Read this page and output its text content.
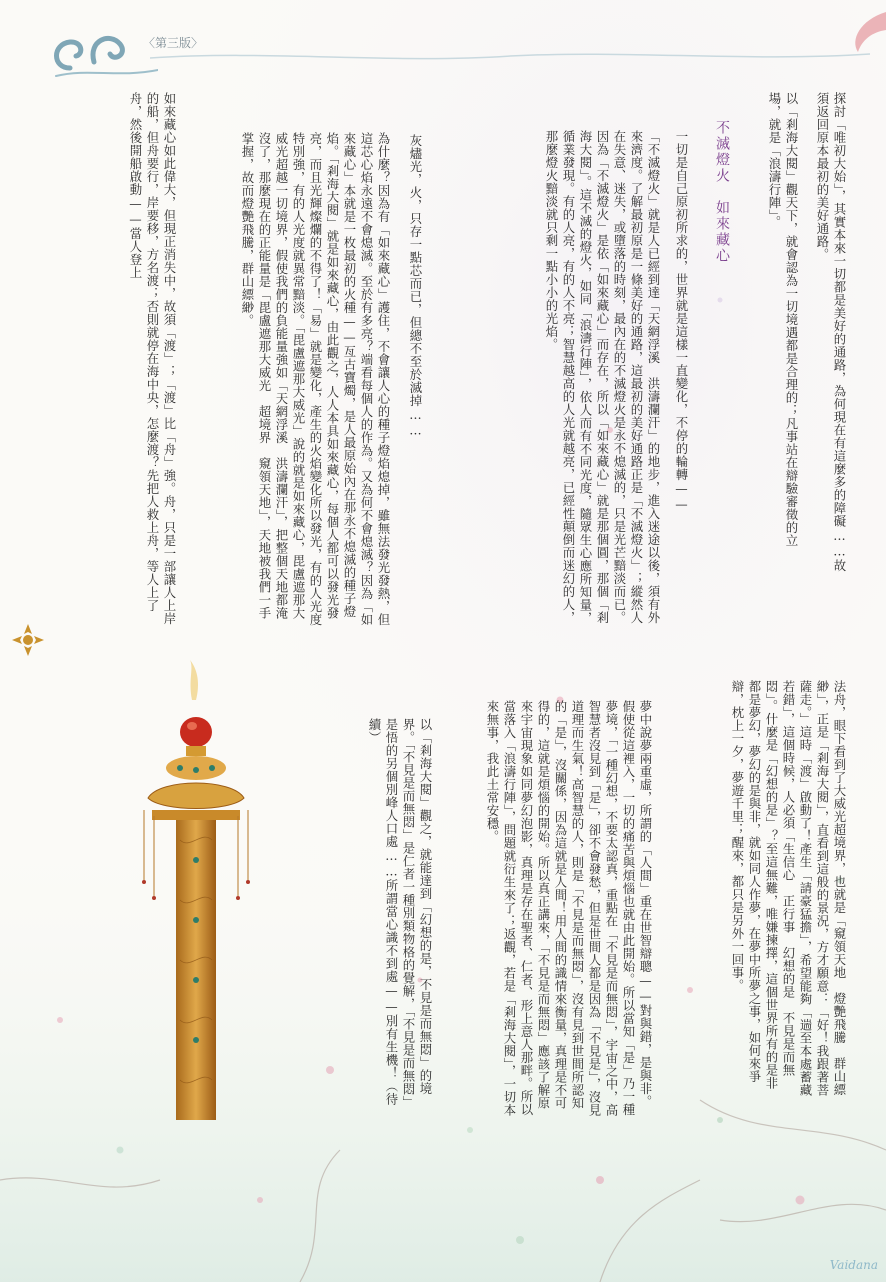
〈第三版〉
探討「唯初大始」，其實本來一切都是美好的通路，為何現在有這麼多的障礙……故須返回原本最初的美好通路。
以「剎海大閱」觀天下，就會認為一切境遇都是合理的；凡事站在辯驗審徵的立場，就是「浪濤行陣」。
不滅燈火　如來藏心
一切是自己原初所求的，世界就是這樣一直變化，不停的輪轉——
「不滅燈火」就是人已經到達「天網浮溪　洪濤瀾汗」的地步，進入迷途以後，須有外來濟度。了解最初原是一條美好的通路，這最初的美好通路正是「不滅燈火」；縱然人在失意、迷失，或墮落的時刻，最內在的不滅燈火是永不熄滅的，只是光芒黯淡而已。因為「不滅燈火」是依「如來藏心」而存在，所以「如來藏心」就是那個圓，那個「剎海大閱」。這不滅的燈火，如同「浪濤行陣」，依人而有不同光度，隨眾生心應所知量，循業發現。有的人亮，有的人不亮；智慧越高的人光就越亮，已經性顛倒而迷幻的人，那麼燈火黯淡就只剩一點小小的光焰。
灰燼光，火，只存一點芯而已，但總不至於滅掉……
為什麼？因為有「如來藏心」護住，不會讓人心的種子燈焰熄掉，雖無法發光發熱，但這芯心焰永遠不會熄滅。至於有多亮？端看每個人的作為。又為何不會熄滅？因為「如來藏心」本就是一枚最初的火種——亙古寶燭，是人最原始內在那永不熄滅的種子燈焰。「剎海大閱」就是如來藏心，由此觀之，人人本具如來藏心，每個人都可以發光發亮，而且光輝燦爛的不得了！「易」就是變化，產生的火焰變化所以發光，有的人光度特別強，有的人光度就異常黯淡。「毘盧遮那大威光」說的就是如來藏心，毘盧遮那大威光超越一切境界，假使我們的負能量強如「天網浮溪　洪濤瀾汗」，把整個天地都淹沒了，那麼現在的正能量是「毘盧遮那大威光　超境界　窺領天地」，天地被我們一手掌握，故而燈艷飛騰，群山縹緲。
如來藏心如此偉大，但現正消失中，故須「渡」；「渡」比「舟」強。舟，只是一部讓人上岸的船，但舟要行，岸要移，方名渡；否則就停在海中央，怎麼渡？先把人救上舟，等人上了舟，然後開船啟動——當人登上
法舟，眼下看到了大威光超境界，也就是「窺領天地　燈艷飛騰　群山縹緲」，正是「剎海大閱」，直看到這般的景況，方才願意：「好！我跟著菩薩走。」這時「渡」啟動了！產生「請豪猛擔」，希望能夠「遄至本處蓄藏若錯」，這個時候，人必須「生信心　正行事　幻想的是　不見是而無悶」。什麼是「幻想的是」？至這無難，唯嫌揀擇，這個世界所有的是非都是夢幻，夢幻的是與非，就如同人作夢，在夢中所夢之事，如何來爭辯，枕上一夕，夢遊千里；醒來，都只是另外一回事。
夢中說夢兩重虛，所謂的「人間」重在世智辯聰——對與錯，是與非。假使從這裡入，一切的痛苦與煩惱也就由此開始。所以當知「是」乃一種夢境，「一種幻想，不要太認真，重點在「不見是而無悶」，宇宙之中，高智慧者沒見到「是」，卻不會發愁，但是世間人都是因為「不見是」，沒見道理而生氣！高智慧的人，則是「不見是而無悶」，沒有見到世間所認知的「是」，沒關係，因為這就是人間！用人間的識情來衡量，真理是不可得的，這就是煩惱的開始。所以真正講來，「不見是而無悶」應該了解原來宇宙現象如同夢幻泡影，真理是存在聖者、仁者、形上意人那畔。所以當落入「浪濤行陣」，問題就衍生來了；返觀，若是「剎海大閱」，一切本來無事，我此土常安穩。
以「剎海大閱」觀之，就能達到「幻想的是，不見是而無悶」的境界。「不見是而無悶」是仁者一種別類物格的覺解，「不見是而無悶」是悟的另個別峰人口處……所謂當心識不到處——別有生機！（待續）
Vaidana
